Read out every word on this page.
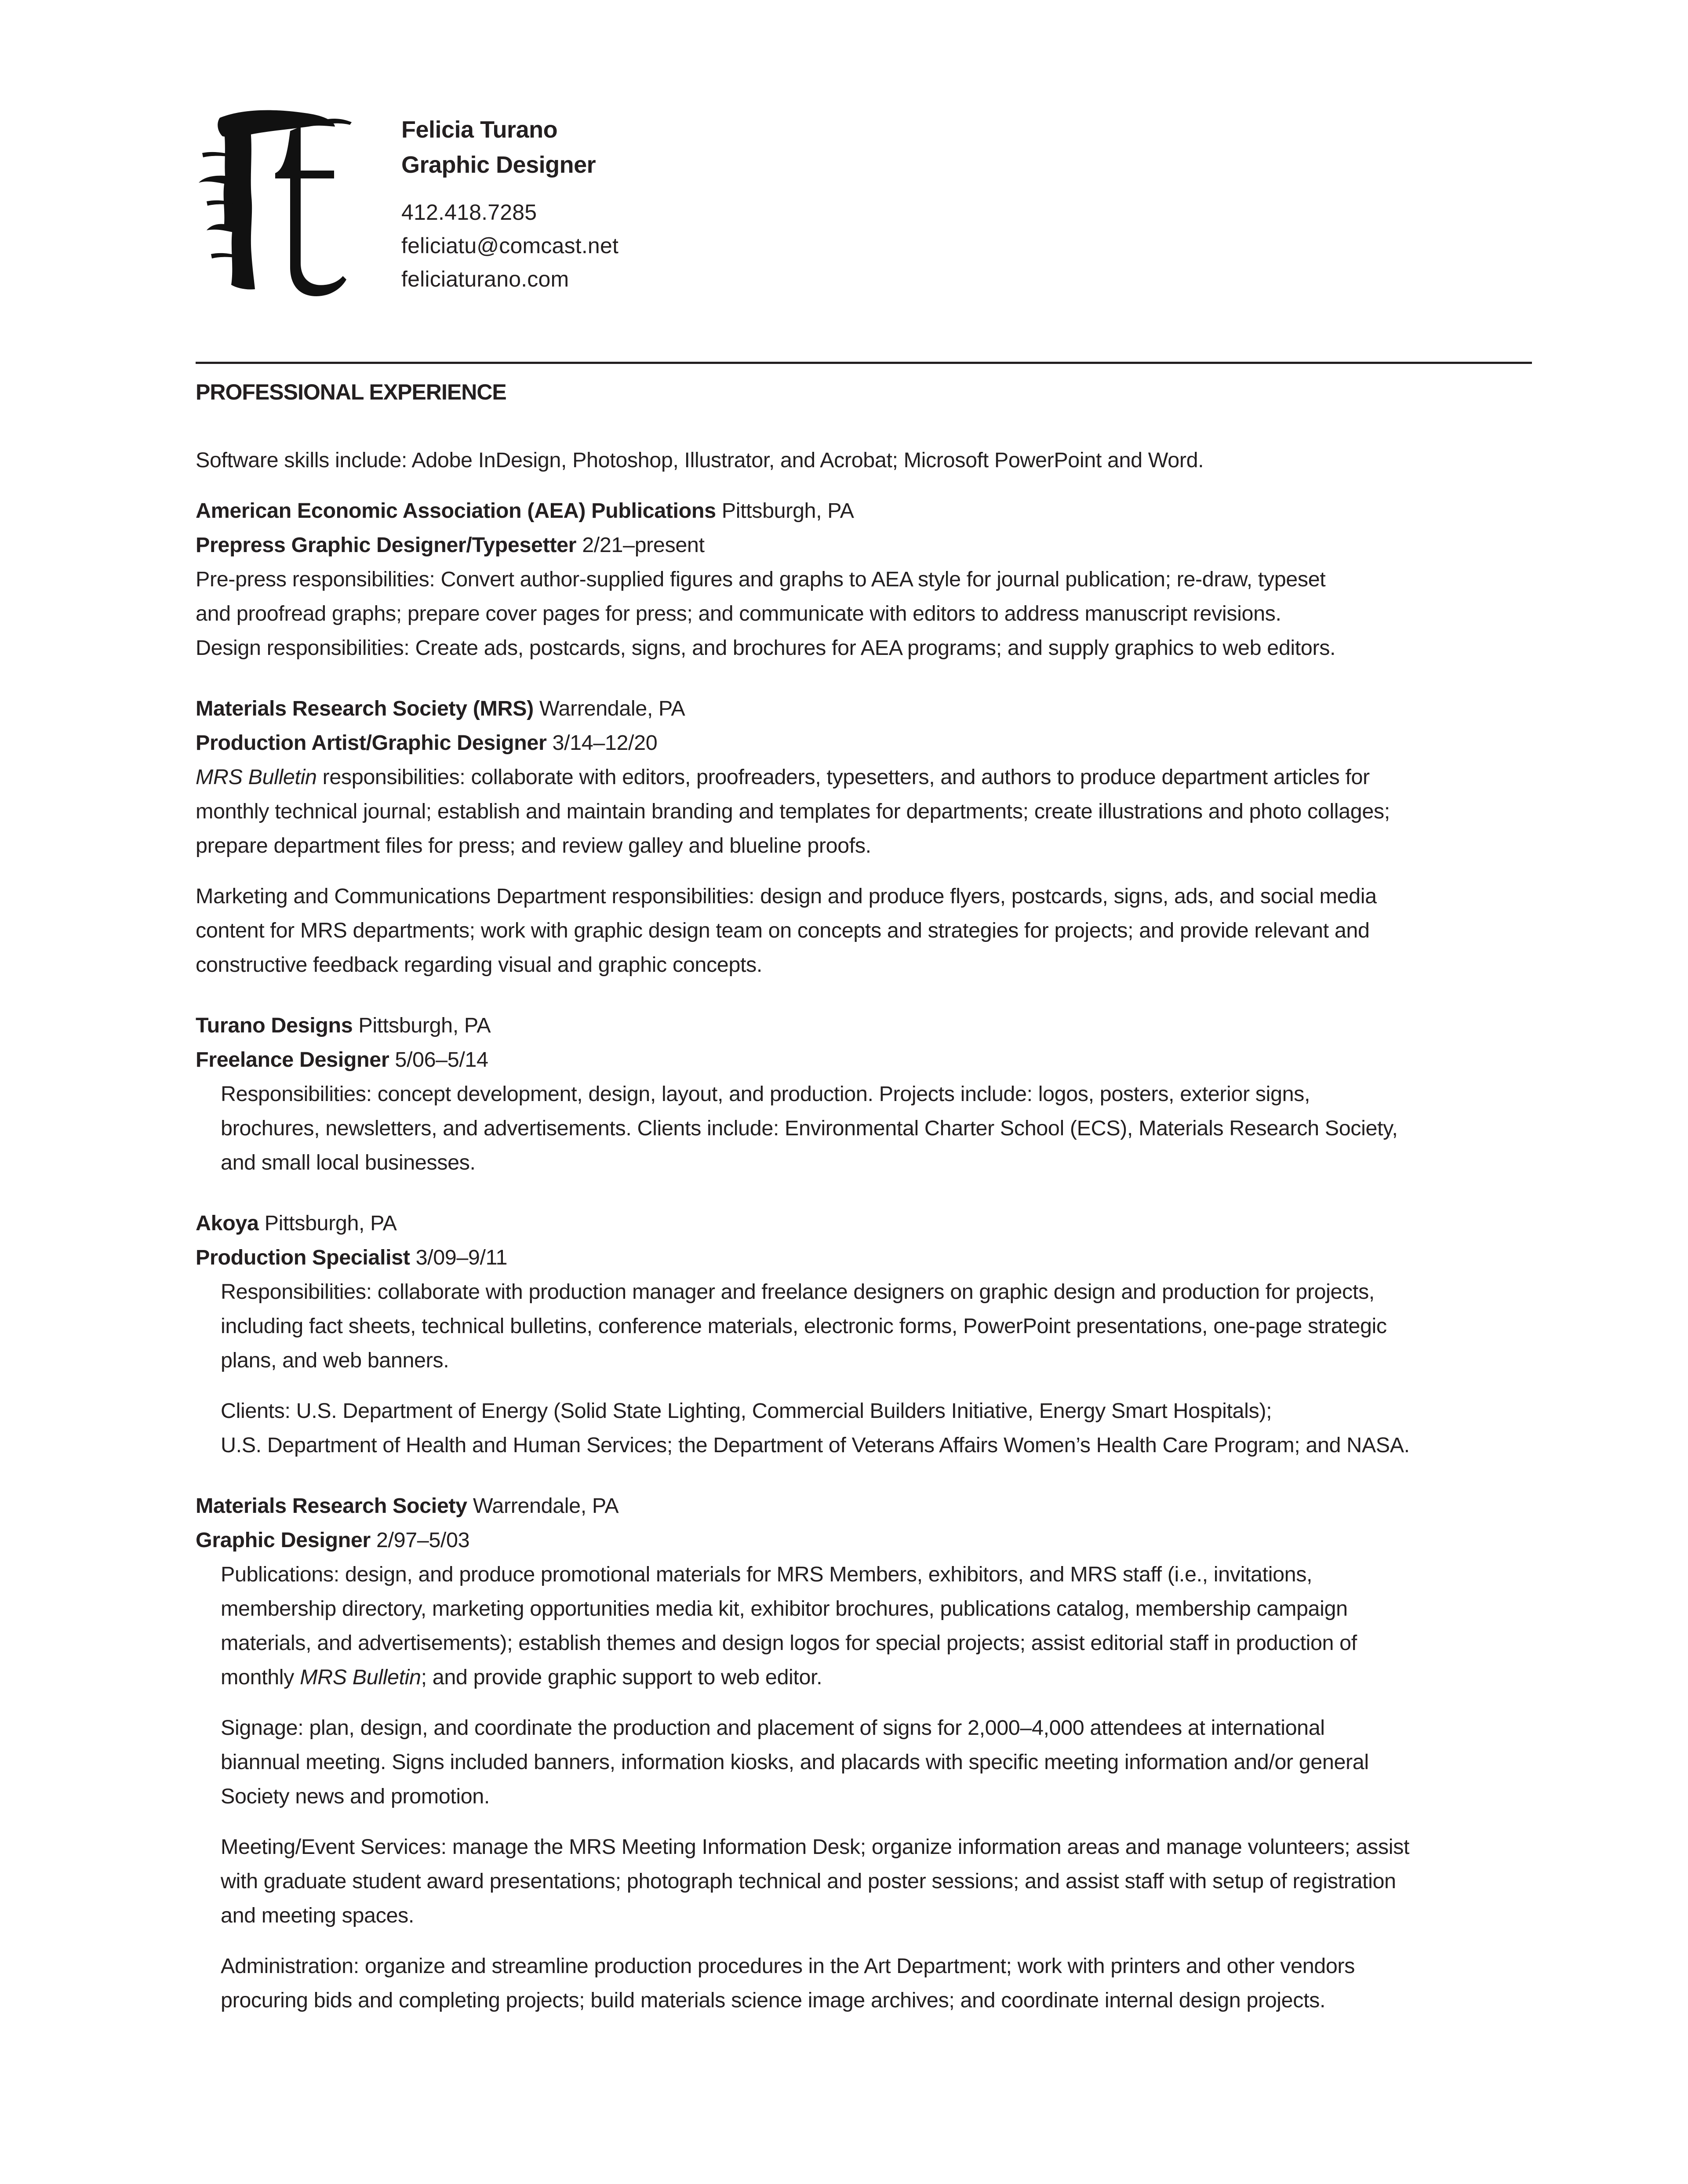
Felicia Turano

Graphic Designer

412.418.7285

feliciatu@comcast.net

feliciaturano.com

PROFESSIONAL EXPERIENCE

Software skills include: Adobe InDesign, Photoshop, Illustrator, and Acrobat; Microsoft PowerPoint and Word.

American Economic Association (AEA) Publications Pittsburgh, PA

Prepress Graphic Designer/Typesetter 2/21–present

Pre-press responsibilities: Convert author-supplied figures and graphs to AEA style for journal publication; re-draw, typeset

and proofread graphs; prepare cover pages for press; and communicate with editors to address manuscript revisions.

Design responsibilities: Create ads, postcards, signs, and brochures for AEA programs; and supply graphics to web editors.

Materials Research Society (MRS) Warrendale, PA

Production Artist/Graphic Designer 3/14–12/20

MRS Bulletin responsibilities: collaborate with editors, proofreaders, typesetters, and authors to produce department articles for

monthly technical journal; establish and maintain branding and templates for departments; create illustrations and photo collages;

prepare department files for press; and review galley and blueline proofs.

Marketing and Communications Department responsibilities: design and produce flyers, postcards, signs, ads, and social media

content for MRS departments; work with graphic design team on concepts and strategies for projects; and provide relevant and

constructive feedback regarding visual and graphic concepts.

Turano Designs Pittsburgh, PA

Freelance Designer 5/06–5/14

Responsibilities: concept development, design, layout, and production. Projects include: logos, posters, exterior signs,

brochures, newsletters, and advertisements. Clients include: Environmental Charter School (ECS), Materials Research Society,

and small local businesses.

Akoya Pittsburgh, PA

Production Specialist 3/09–9/11

Responsibilities: collaborate with production manager and freelance designers on graphic design and production for projects,

including fact sheets, technical bulletins, conference materials, electronic forms, PowerPoint presentations, one-page strategic

plans, and web banners.

Clients: U.S. Department of Energy (Solid State Lighting, Commercial Builders Initiative, Energy Smart Hospitals);

U.S. Department of Health and Human Services; the Department of Veterans Affairs Women’s Health Care Program; and NASA.

Materials Research Society Warrendale, PA

Graphic Designer 2/97–5/03

Publications: design, and produce promotional materials for MRS Members, exhibitors, and MRS staff (i.e., invitations,

membership directory, marketing opportunities media kit, exhibitor brochures, publications catalog, membership campaign

materials, and advertisements); establish themes and design logos for special projects; assist editorial staff in production of

monthly MRS Bulletin; and provide graphic support to web editor.

Signage: plan, design, and coordinate the production and placement of signs for 2,000–4,000 attendees at international

biannual meeting. Signs included banners, information kiosks, and placards with specific meeting information and/or general

Society news and promotion.

Meeting/Event Services: manage the MRS Meeting Information Desk; organize information areas and manage volunteers; assist

with graduate student award presentations; photograph technical and poster sessions; and assist staff with setup of registration

and meeting spaces.

Administration: organize and streamline production procedures in the Art Department; work with printers and other vendors

procuring bids and completing projects; build materials science image archives; and coordinate internal design projects.
